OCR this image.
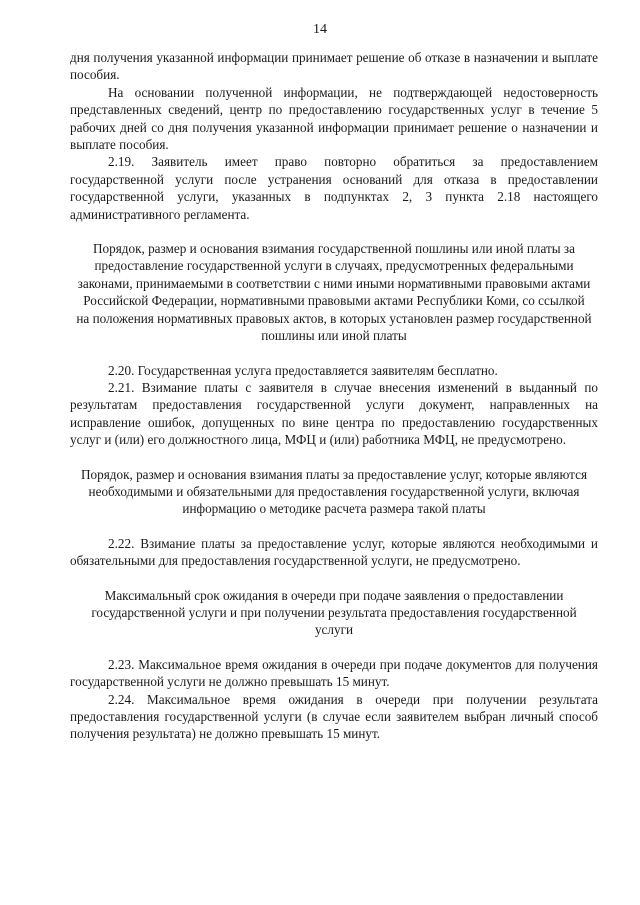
14

дня получения указанной информации принимает решение об отказе в назначении и выплате пособия.

На основании полученной информации, не подтверждающей недостоверность представленных сведений, центр по предоставлению государственных услуг в течение 5 рабочих дней со дня получения указанной информации принимает решение о назначении и выплате пособия.

2.19. Заявитель имеет право повторно обратиться за предоставлением государственной услуги после устранения оснований для отказа в предоставлении государственной услуги, указанных в подпунктах 2, 3 пункта 2.18 настоящего административного регламента.

Порядок, размер и основания взимания государственной пошлины или иной платы за предоставление государственной услуги в случаях, предусмотренных федеральными законами, принимаемыми в соответствии с ними иными нормативными правовыми актами Российской Федерации, нормативными правовыми актами Республики Коми, со ссылкой на положения нормативных правовых актов, в которых установлен размер государственной пошлины или иной платы

2.20. Государственная услуга предоставляется заявителям бесплатно.

2.21. Взимание платы с заявителя в случае внесения изменений в выданный по результатам предоставления государственной услуги документ, направленных на исправление ошибок, допущенных по вине центра по предоставлению государственных услуг и (или) его должностного лица, МФЦ и (или) работника МФЦ, не предусмотрено.

Порядок, размер и основания взимания платы за предоставление услуг, которые являются необходимыми и обязательными для предоставления государственной услуги, включая информацию о методике расчета размера такой платы

2.22. Взимание платы за предоставление услуг, которые являются необходимыми и обязательными для предоставления государственной услуги, не предусмотрено.

Максимальный срок ожидания в очереди при подаче заявления о предоставлении государственной услуги и при получении результата предоставления государственной услуги

2.23. Максимальное время ожидания в очереди при подаче документов для получения государственной услуги не должно превышать 15 минут.

2.24. Максимальное время ожидания в очереди при получении результата предоставления государственной услуги (в случае если заявителем выбран личный способ получения результата) не должно превышать 15 минут.
